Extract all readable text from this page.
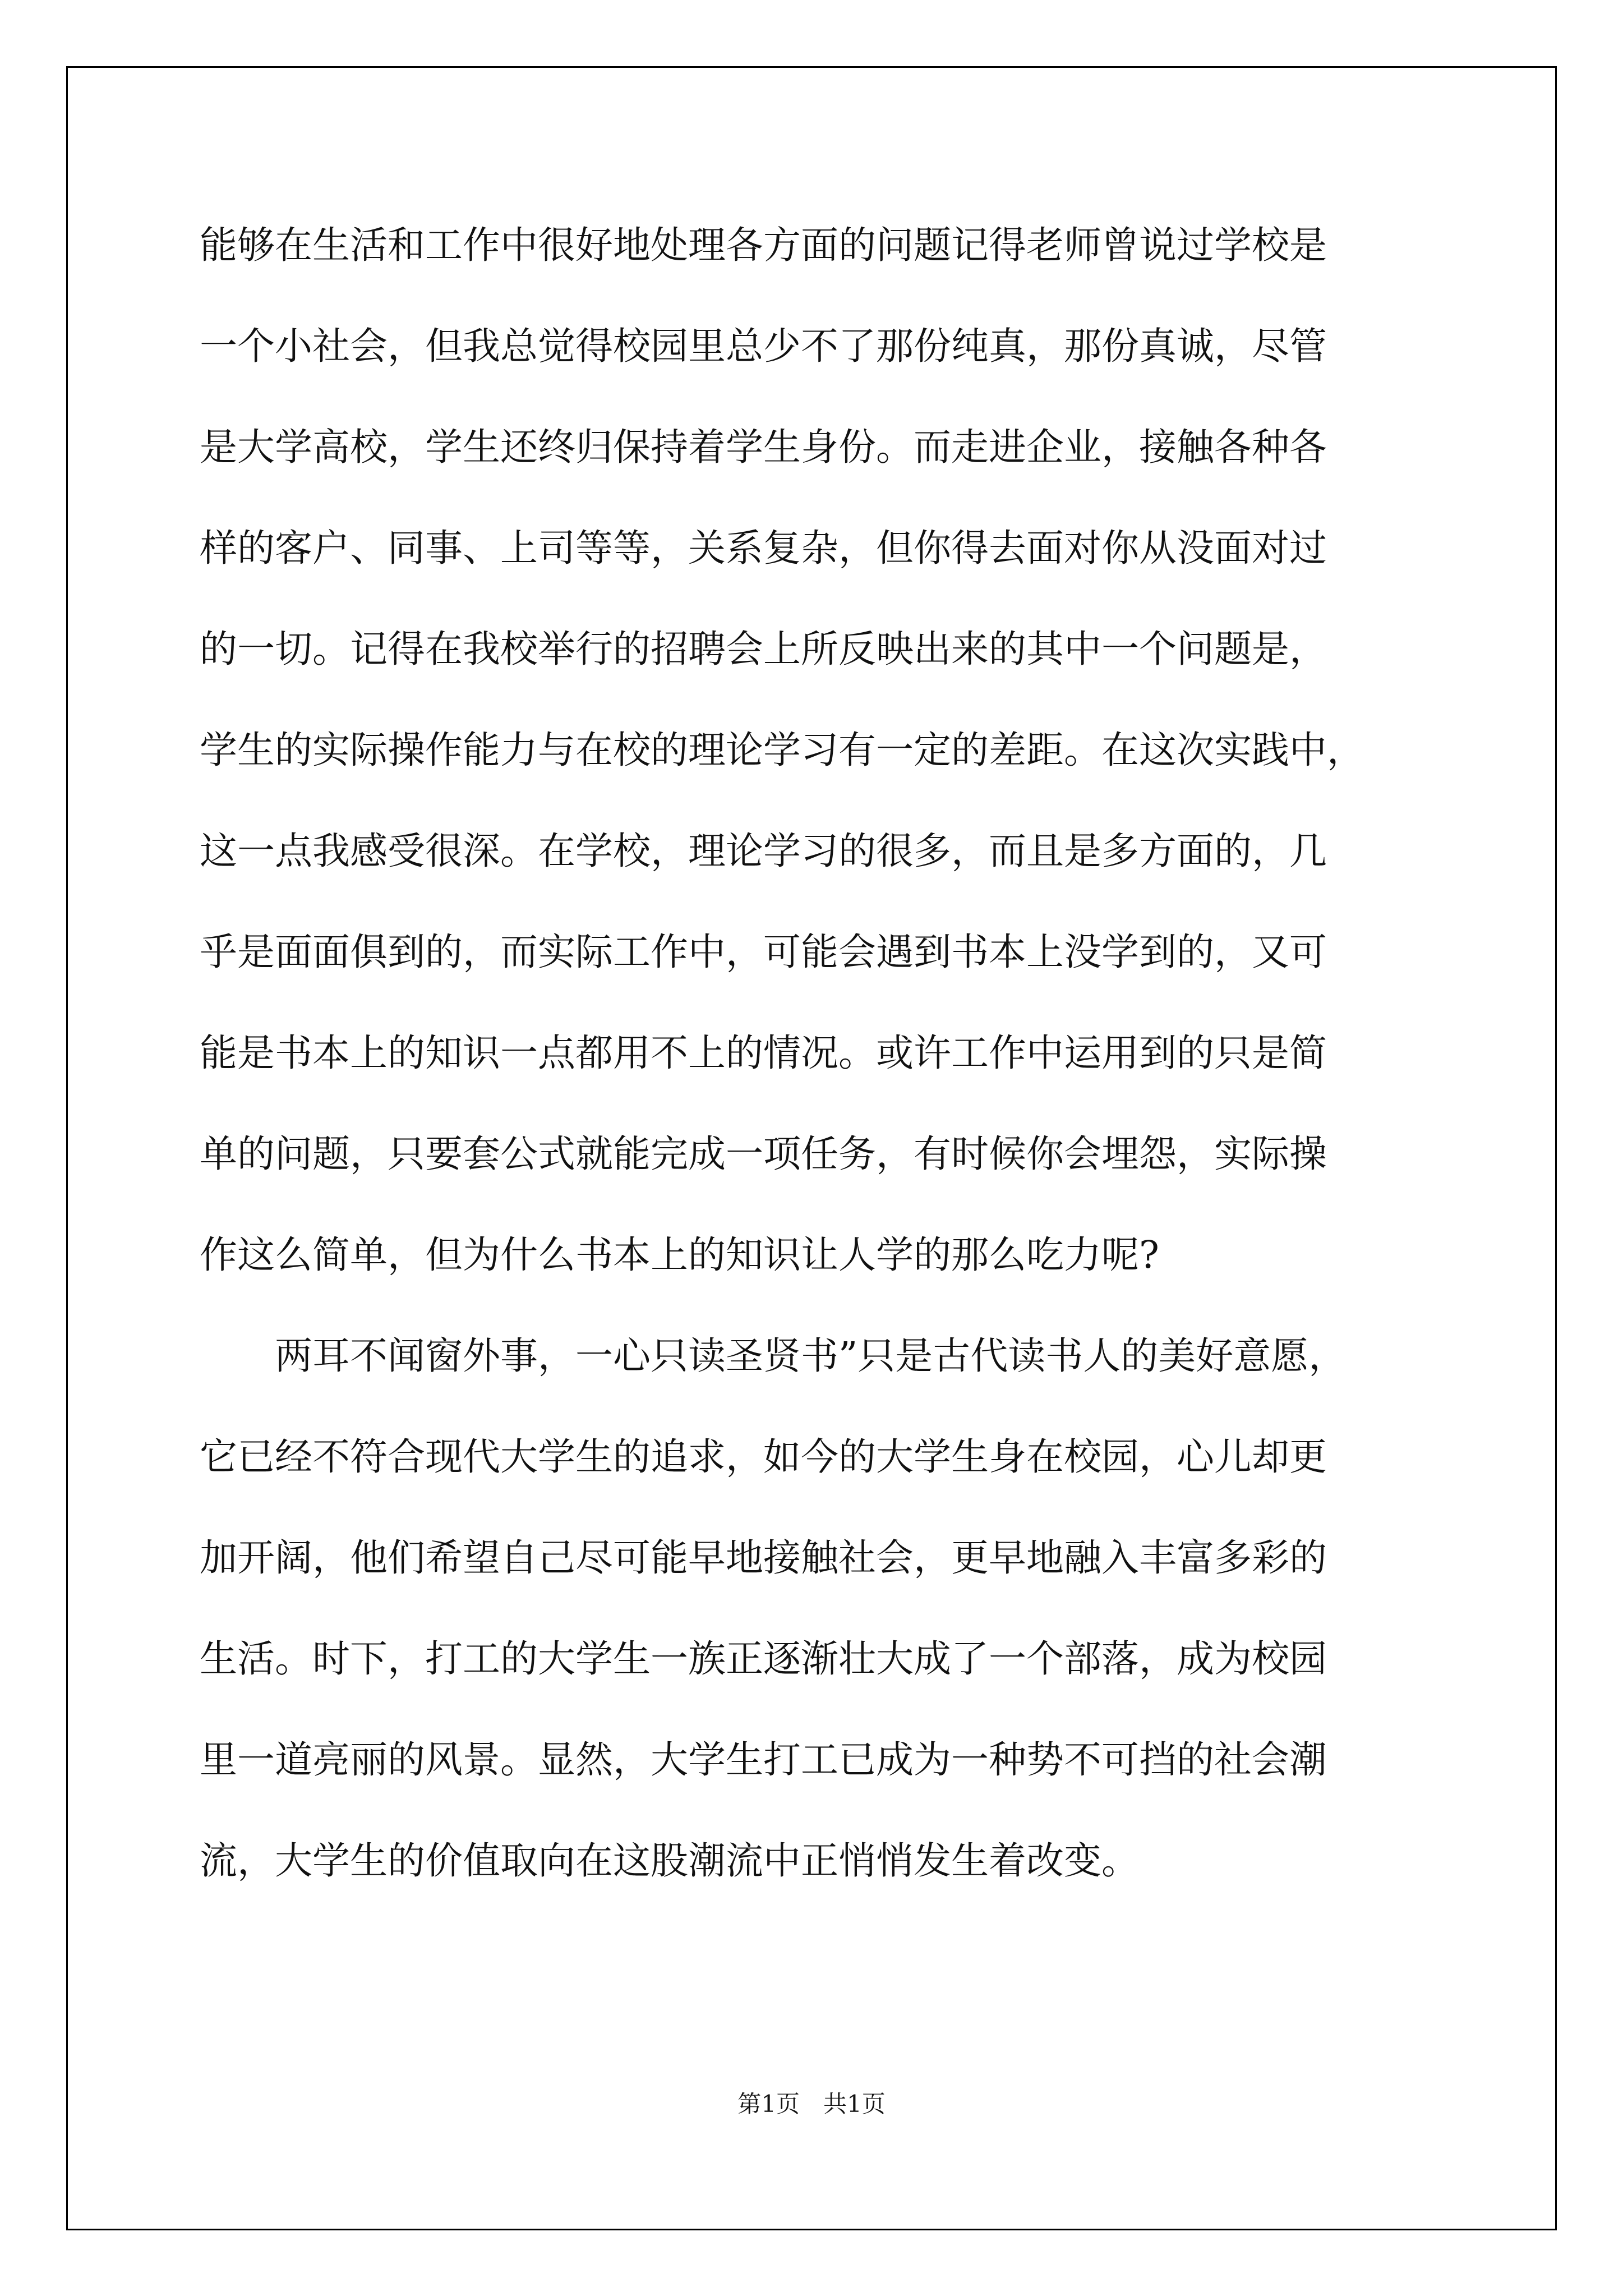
能够在生活和工作中很好地处理各方面的问题记得老师曾说过学校是
一个小社会，但我总觉得校园里总少不了那份纯真，那份真诚，尽管
是大学高校，学生还终归保持着学生身份。而走进企业，接触各种各
样的客户、同事、上司等等，关系复杂，但你得去面对你从没面对过
的一切。记得在我校举行的招聘会上所反映出来的其中一个问题是，
学生的实际操作能力与在校的理论学习有一定的差距。在这次实践中，
这一点我感受很深。在学校，理论学习的很多，而且是多方面的，几
乎是面面俱到的，而实际工作中，可能会遇到书本上没学到的，又可
能是书本上的知识一点都用不上的情况。或许工作中运用到的只是简
单的问题，只要套公式就能完成一项任务，有时候你会埋怨，实际操
作这么简单，但为什么书本上的知识让人学的那么吃力呢?
两耳不闻窗外事，一心只读圣贤书”只是古代读书人的美好意愿，
它已经不符合现代大学生的追求，如今的大学生身在校园，心儿却更
加开阔，他们希望自己尽可能早地接触社会，更早地融入丰富多彩的
生活。时下，打工的大学生一族正逐渐壮大成了一个部落，成为校园
里一道亮丽的风景。显然，大学生打工已成为一种势不可挡的社会潮
流，大学生的价值取向在这股潮流中正悄悄发生着改变。
第1页　共1页
